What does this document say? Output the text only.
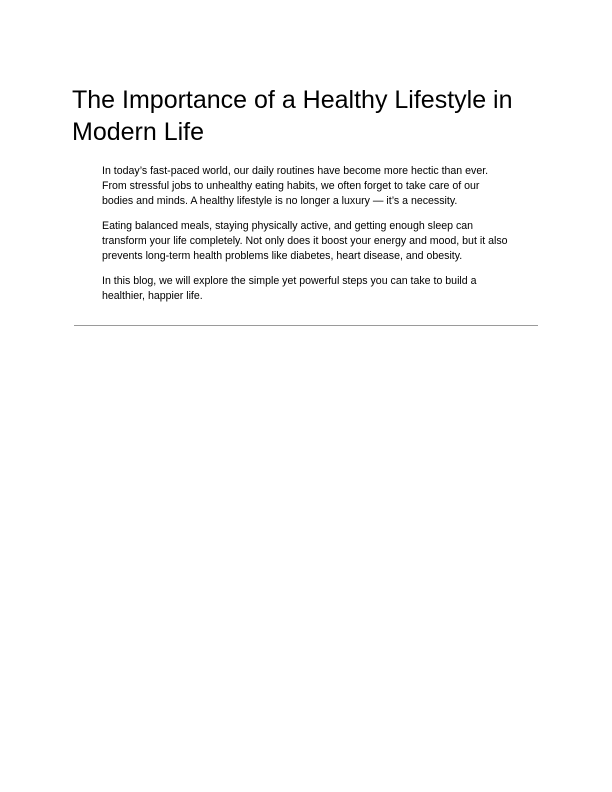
The Importance of a Healthy Lifestyle in Modern Life

In today’s fast-paced world, our daily routines have become more hectic than ever. From stressful jobs to unhealthy eating habits, we often forget to take care of our bodies and minds. A healthy lifestyle is no longer a luxury — it’s a necessity.

Eating balanced meals, staying physically active, and getting enough sleep can transform your life completely. Not only does it boost your energy and mood, but it also prevents long-term health problems like diabetes, heart disease, and obesity.

In this blog, we will explore the simple yet powerful steps you can take to build a healthier, happier life.
